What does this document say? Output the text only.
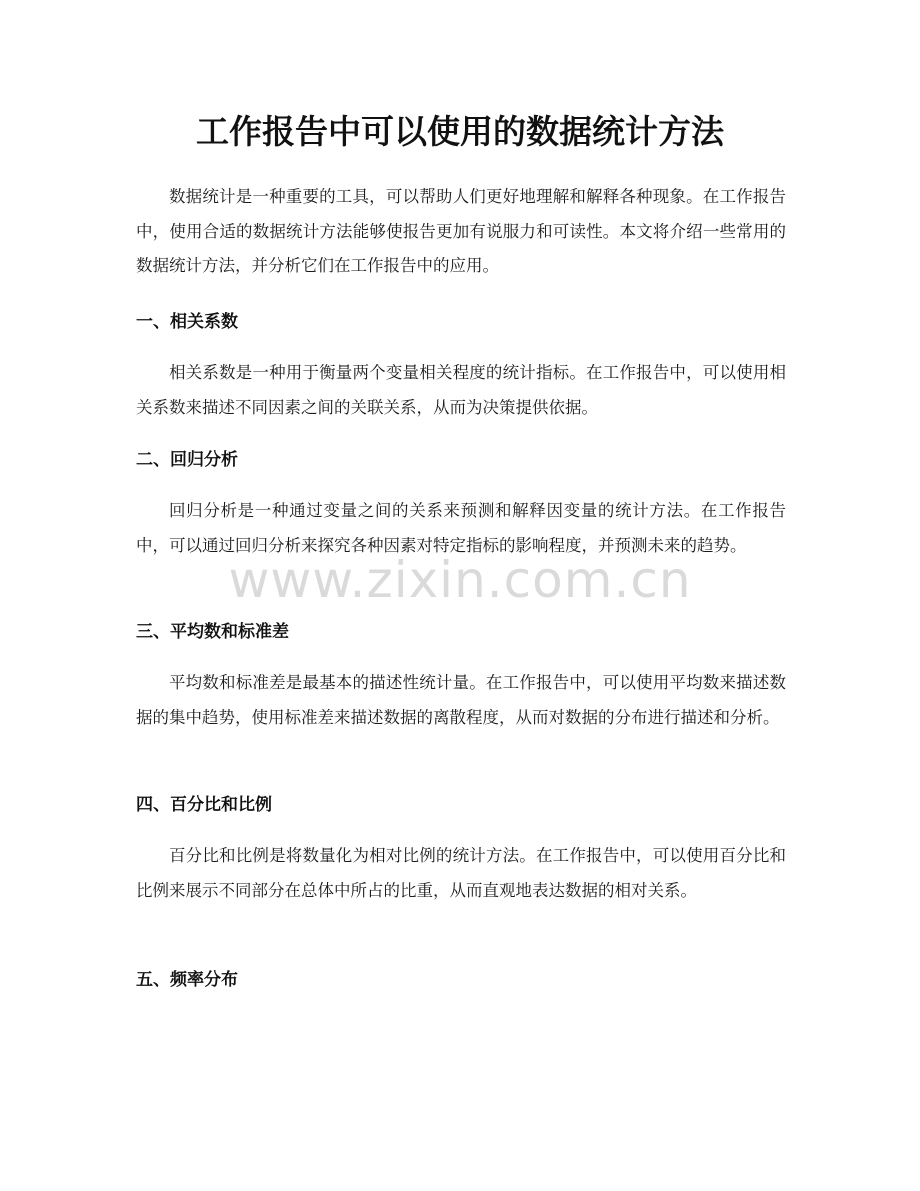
工作报告中可以使用的数据统计方法

数据统计是一种重要的工具，可以帮助人们更好地理解和解释各种现象。在工作报告中，使用合适的数据统计方法能够使报告更加有说服力和可读性。本文将介绍一些常用的数据统计方法，并分析它们在工作报告中的应用。

一、相关系数

相关系数是一种用于衡量两个变量相关程度的统计指标。在工作报告中，可以使用相关系数来描述不同因素之间的关联关系，从而为决策提供依据。

二、回归分析

回归分析是一种通过变量之间的关系来预测和解释因变量的统计方法。在工作报告中，可以通过回归分析来探究各种因素对特定指标的影响程度，并预测未来的趋势。

三、平均数和标准差

平均数和标准差是最基本的描述性统计量。在工作报告中，可以使用平均数来描述数据的集中趋势，使用标准差来描述数据的离散程度，从而对数据的分布进行描述和分析。

四、百分比和比例

百分比和比例是将数量化为相对比例的统计方法。在工作报告中，可以使用百分比和比例来展示不同部分在总体中所占的比重，从而直观地表达数据的相对关系。

五、频率分布
www.zixin.com.cn
